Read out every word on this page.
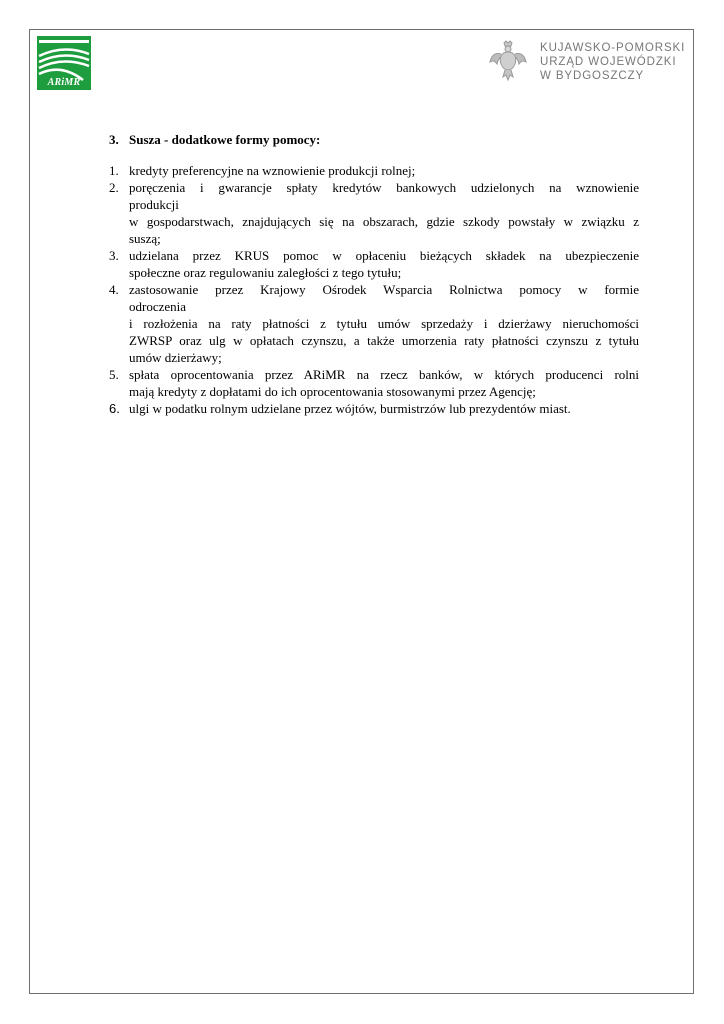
ARiMR
KUJAWSKO-POMORSKI
URZĄD WOJEWÓDZKI
W BYDGOSZCZY
3. Susza - dodatkowe formy pomocy:
1. kredyty preferencyjne na wznowienie produkcji rolnej;
2. poręczenia i gwarancje spłaty kredytów bankowych udzielonych na wznowienie
produkcji
w gospodarstwach, znajdujących się na obszarach, gdzie szkody powstały w związku z
suszą;
3. udzielana przez KRUS pomoc w opłaceniu bieżących składek na ubezpieczenie
społeczne oraz regulowaniu zaległości z tego tytułu;
4. zastosowanie przez Krajowy Ośrodek Wsparcia Rolnictwa pomocy w formie
odroczenia
i rozłożenia na raty płatności z tytułu umów sprzedaży i dzierżawy nieruchomości
ZWRSP oraz ulg w opłatach czynszu, a także umorzenia raty płatności czynszu z tytułu
umów dzierżawy;
5. spłata oprocentowania przez ARiMR na rzecz banków, w których producenci rolni
mają kredyty z dopłatami do ich oprocentowania stosowanymi przez Agencję;
6. ulgi w podatku rolnym udzielane przez wójtów, burmistrzów lub prezydentów miast.
